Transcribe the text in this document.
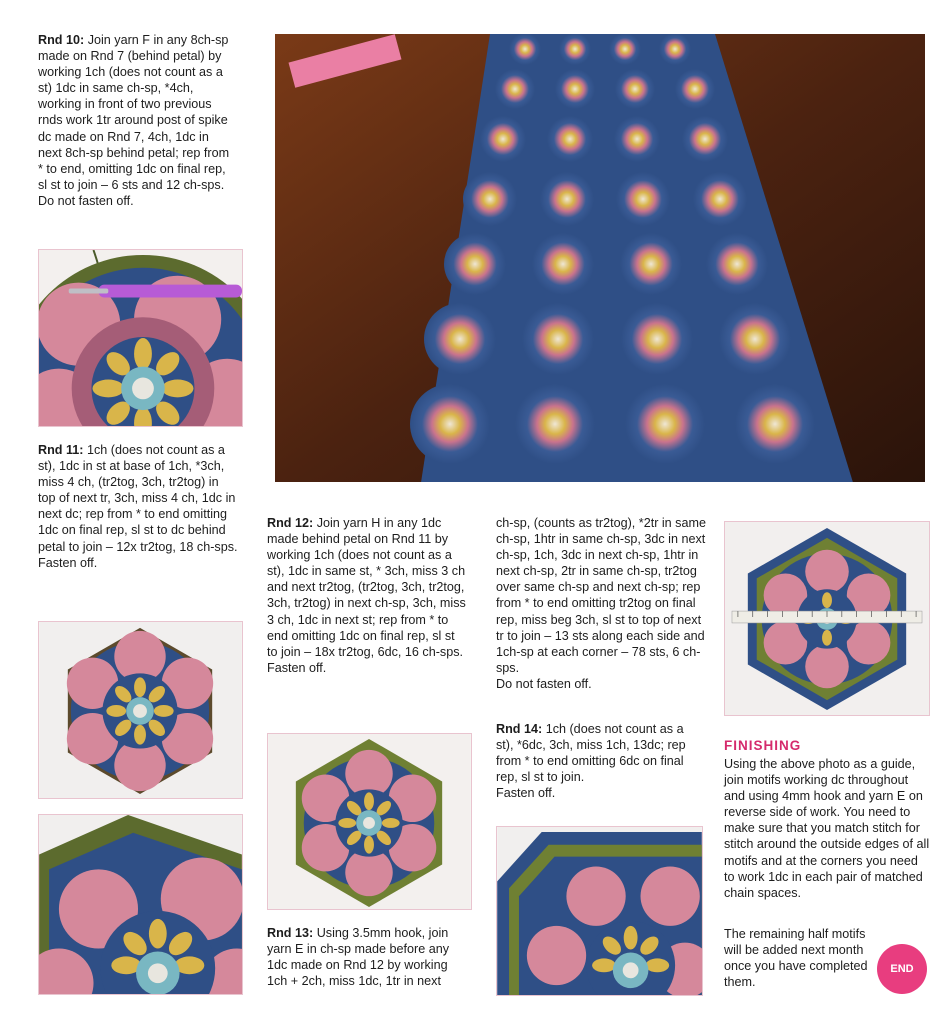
Rnd 10: Join yarn F in any 8ch-sp made on Rnd 7 (behind petal) by working 1ch (does not count as a st) 1dc in same ch-sp, *4ch, working in front of two previous rnds work 1tr around post of spike dc made on Rnd 7, 4ch, 1dc in next 8ch-sp behind petal; rep from * to end, omitting 1dc on final rep, sl st to join – 6 sts and 12 ch-sps.
Do not fasten off.
Rnd 11: 1ch (does not count as a st), 1dc in st at base of 1ch, *3ch, miss 4 ch, (tr2tog, 3ch, tr2tog) in top of next tr, 3ch, miss 4 ch, 1dc in next dc; rep from * to end omitting 1dc on final rep, sl st to dc behind petal to join – 12x tr2tog, 18 ch-sps.
Fasten off.
Rnd 12: Join yarn H in any 1dc made behind petal on Rnd 11 by working 1ch (does not count as a st), 1dc in same st, * 3ch, miss 3 ch and next tr2tog, (tr2tog, 3ch, tr2tog, 3ch, tr2tog) in next ch-sp, 3ch, miss 3 ch, 1dc in next st; rep from * to end omitting 1dc on final rep, sl st to join – 18x tr2tog, 6dc, 16 ch-sps.
Fasten off.
Rnd 13: Using 3.5mm hook, join yarn E in ch-sp made before any 1dc made on Rnd 12 by working 1ch + 2ch, miss 1dc, 1tr in next
ch-sp, (counts as tr2tog), *2tr in same ch-sp, 1htr in same ch-sp, 3dc in next ch-sp, 1ch, 3dc in next ch-sp, 1htr in next ch-sp, 2tr in same ch-sp, tr2tog over same ch-sp and next ch-sp; rep from * to end omitting tr2tog on final rep, miss beg 3ch, sl st to top of next tr to join – 13 sts along each side and 1ch-sp at each corner – 78 sts, 6 ch-sps.
Do not fasten off.
Rnd 14: 1ch (does not count as a st), *6dc, 3ch, miss 1ch, 13dc; rep from * to end omitting 6dc on final rep, sl st to join.
Fasten off.
FINISHING
Using the above photo as a guide, join motifs working dc throughout and using 4mm hook and yarn E on reverse side of work. You need to make sure that you match stitch for stitch around the outside edges of all motifs and at the corners you need to work 1dc in each pair of matched chain spaces.
The remaining half motifs will be added next month once you have completed them.
END
